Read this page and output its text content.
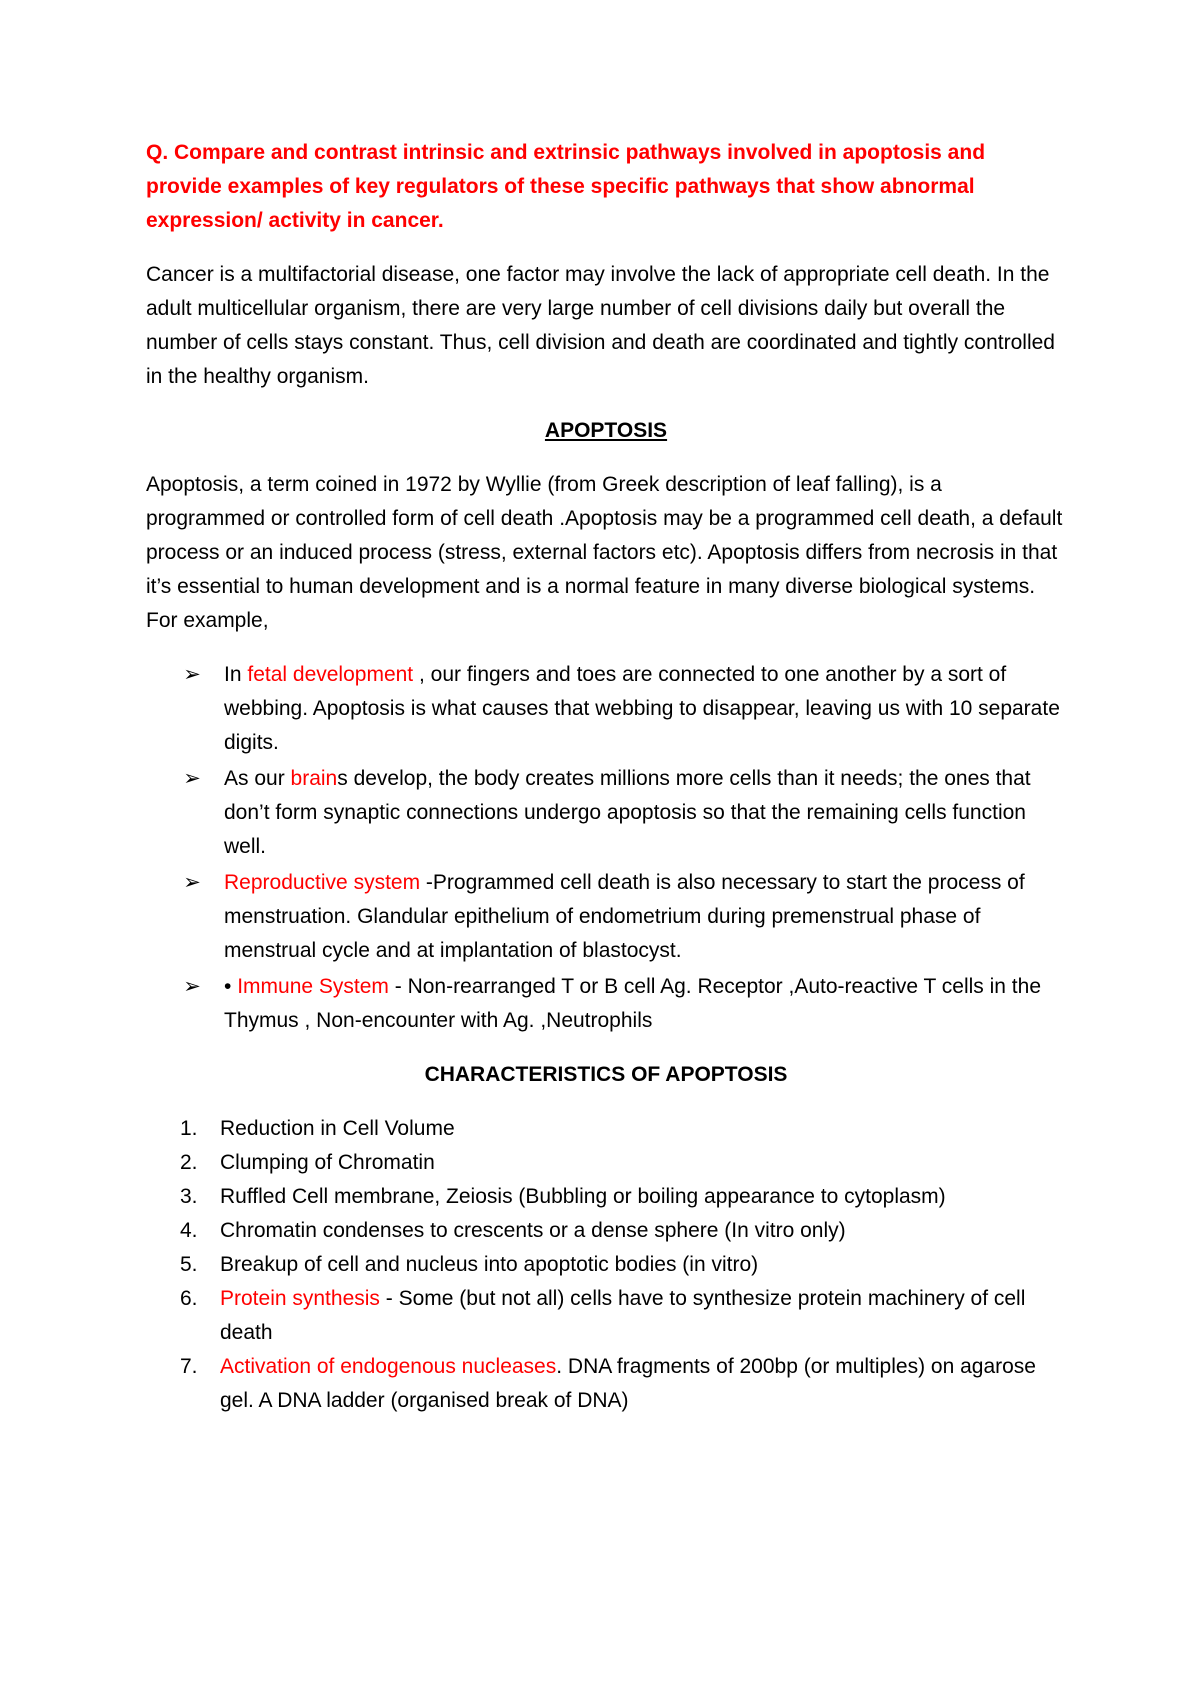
Q. Compare and contrast intrinsic and extrinsic pathways involved in apoptosis and provide examples of key regulators of these specific pathways that show abnormal expression/ activity in cancer.

Cancer is a multifactorial disease, one factor may involve the lack of appropriate cell death. In the adult multicellular organism, there are very large number of cell divisions daily but overall the number of cells stays constant. Thus, cell division and death are coordinated and tightly controlled in the healthy organism.

APOPTOSIS

Apoptosis, a term coined in 1972 by Wyllie (from Greek description of leaf falling), is a programmed or controlled form of cell death .Apoptosis may be a programmed cell death, a default process or an induced process (stress, external factors etc). Apoptosis differs from necrosis in that it’s essential to human development and is a normal feature in many diverse biological systems. For example,

➢ In fetal development , our fingers and toes are connected to one another by a sort of webbing. Apoptosis is what causes that webbing to disappear, leaving us with 10 separate digits.
➢ As our brains develop, the body creates millions more cells than it needs; the ones that don’t form synaptic connections undergo apoptosis so that the remaining cells function well.
➢ Reproductive system -Programmed cell death is also necessary to start the process of menstruation. Glandular epithelium of endometrium during premenstrual phase of menstrual cycle and at implantation of blastocyst.
➢ • Immune System - Non-rearranged T or B cell Ag. Receptor ,Auto-reactive T cells in the Thymus , Non-encounter with Ag. ,Neutrophils

CHARACTERISTICS OF APOPTOSIS

1. Reduction in Cell Volume
2. Clumping of Chromatin
3. Ruffled Cell membrane, Zeiosis (Bubbling or boiling appearance to cytoplasm)
4. Chromatin condenses to crescents or a dense sphere (In vitro only)
5. Breakup of cell and nucleus into apoptotic bodies (in vitro)
6. Protein synthesis - Some (but not all) cells have to synthesize protein machinery of cell death
7. Activation of endogenous nucleases. DNA fragments of 200bp (or multiples) on agarose gel. A DNA ladder (organised break of DNA)
